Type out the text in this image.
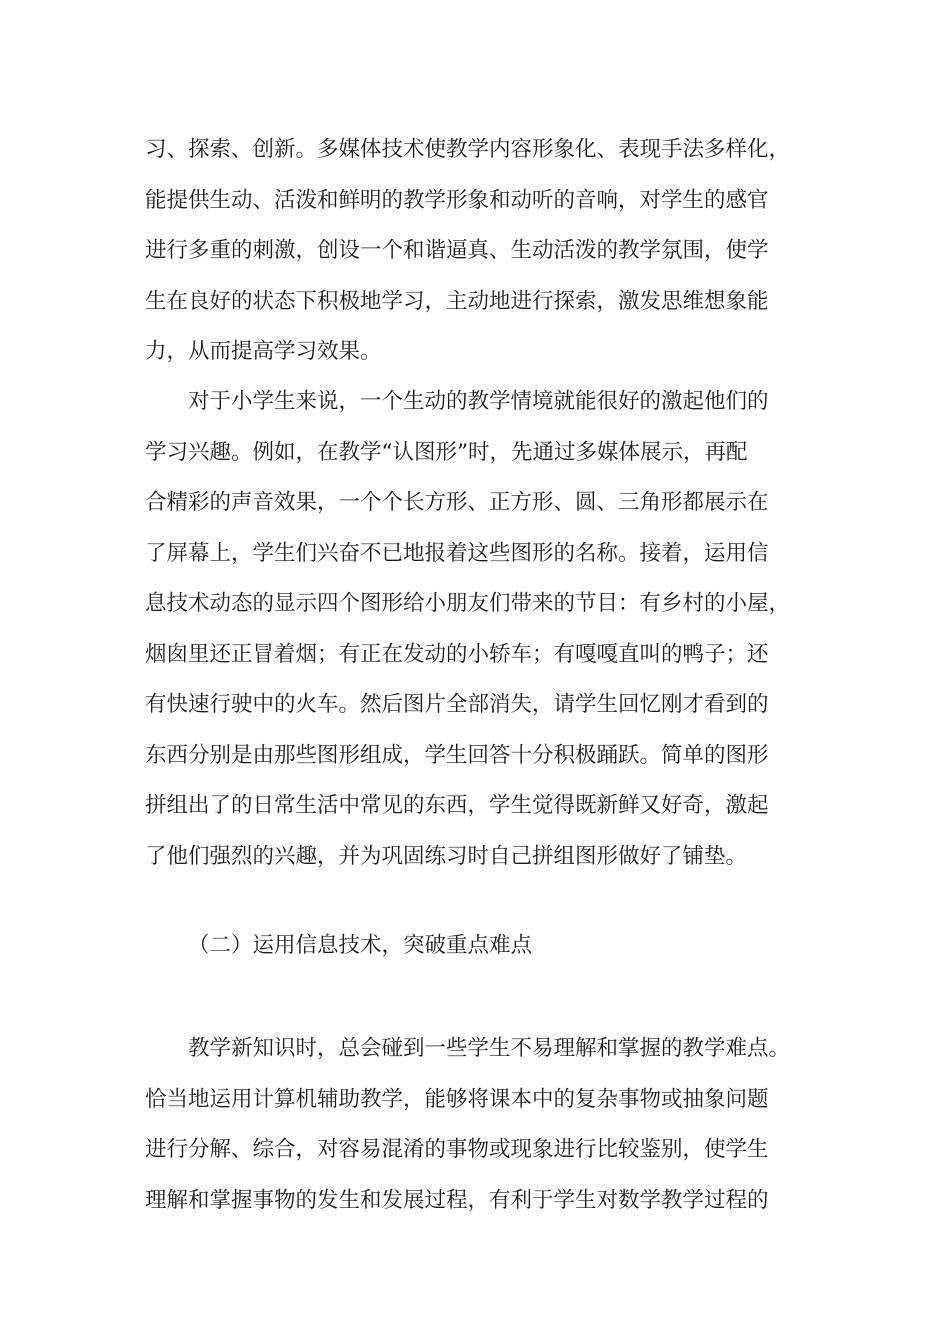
习、探索、创新。多媒体技术使教学内容形象化、表现手法多样化，
能提供生动、活泼和鲜明的教学形象和动听的音响，对学生的感官
进行多重的刺激，创设一个和谐逼真、生动活泼的教学氛围，使学
生在良好的状态下积极地学习，主动地进行探索，激发思维想象能
力，从而提高学习效果。
对于小学生来说，一个生动的教学情境就能很好的激起他们的
学习兴趣。例如，在教学“认图形”时，先通过多媒体展示，再配
合精彩的声音效果，一个个长方形、正方形、圆、三角形都展示在
了屏幕上，学生们兴奋不已地报着这些图形的名称。接着，运用信
息技术动态的显示四个图形给小朋友们带来的节目：有乡村的小屋，
烟囱里还正冒着烟；有正在发动的小轿车；有嘎嘎直叫的鸭子；还
有快速行驶中的火车。然后图片全部消失，请学生回忆刚才看到的
东西分别是由那些图形组成，学生回答十分积极踊跃。简单的图形
拼组出了的日常生活中常见的东西，学生觉得既新鲜又好奇，激起
了他们强烈的兴趣，并为巩固练习时自己拼组图形做好了铺垫。
（二）运用信息技术，突破重点难点
教学新知识时，总会碰到一些学生不易理解和掌握的教学难点。
恰当地运用计算机辅助教学，能够将课本中的复杂事物或抽象问题
进行分解、综合，对容易混淆的事物或现象进行比较鉴别，使学生
理解和掌握事物的发生和发展过程，有利于学生对数学教学过程的
